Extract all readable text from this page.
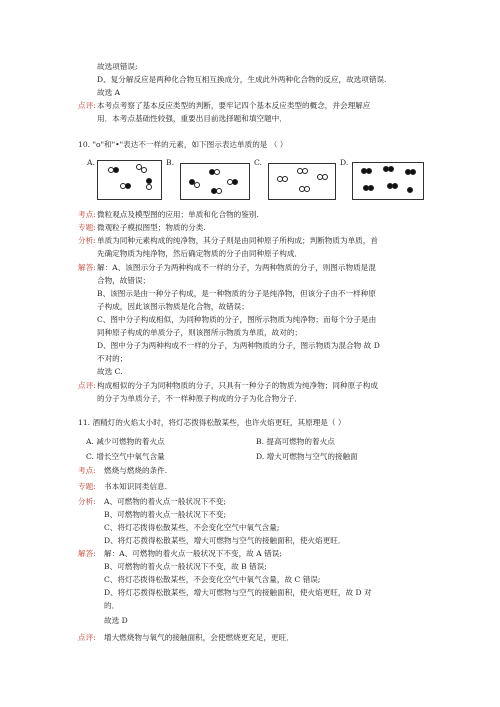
故选项错误;
D、复分解反应是两种化合物互相互换成分，生成此外两种化合物的反应，故选项错误.
故选 A
点评: 本考点考察了基本反应类型的判断，要牢记四个基本反应类型的概念，并会理解应
用．本考点基础性较强，重要出目前选择题和填空题中．
10. "o"和"•"表达不一样的元素，如下图示表达单质的是 （ ）
A.	B.	C.	D.
考点: 微粒观点及模型图的应用；单质和化合物的鉴别.
专题: 微观粒子模拟图型；物质的分类.
分析: 单质为同种元素构成的纯净物，其分子则是由同种原子所构成；判断物质为单质，首
先确定物质为纯净物，然后确定物质的分子由同种原子构成．
解答: 解：A、该图示分子为两种构成不一样的分子，为两种物质的分子，则图示物质是混
合物，故错误；
B、该图示是由一种分子构成，是一种物质的分子是纯净物，但该分子由不一样种原
子构成，因此该图示物质是化合物，故错误；
C、图中分子构成相似，为同种物质的分子，图所示物质为纯净物；而每个分子是由
同种原子构成的单质分子，则该图所示物质为单质，故对的；
D、图中分子为两种构成不一样的分子，为两种物质的分子，图示物质为混合物 故 D
不对的；
故选 C.
点评: 构成相似的分子为同种物质的分子，只具有一种分子的物质为纯净物；同种原子构成
的分子为单质分子，不一样种原子构成的分子为化合物分子．
11. 酒精灯的火焰太小时，将灯芯拨得松散某些，也许火焰更旺，其原理是（ ）
A. 减少可燃物的着火点	B. 提高可燃物的着火点
C. 增长空气中氧气含量	D. 增大可燃物与空气的接触面
考点: 燃烧与燃烧的条件.
专题: 书本知识同类信息.
分析: A、可燃物的着火点一般状况下不变;
B、可燃物的着火点一般状况下不变;
C、将灯芯拨得松散某些，不会变化空气中氧气含量;
D、将灯芯拨得松散某些，增大可燃物与空气的接触面积，使火焰更旺．
解答: 解：A、可燃物的着火点一般状况下不变，故 A 错误;
B、可燃物的着火点一般状况下不变，故 B 错误;
C、将灯芯拨得松散某些，不会变化空气中氧气含量，故 C 错误;
D、将灯芯拨得松散某些，增大可燃物与空气的接触面积，使火焰更旺，故 D 对
的．
故选 D
点评: 增大燃烧物与氧气的接触面积，会使燃烧更充足，更旺．
